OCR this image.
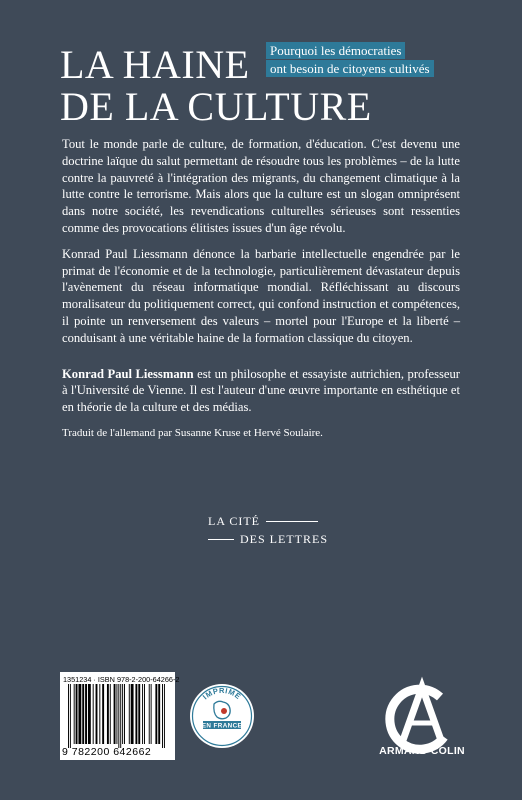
LA HAINE
DE LA CULTURE
Pourquoi les démocraties
ont besoin de citoyens cultivés

Tout le monde parle de culture, de formation, d'éducation. C'est devenu une doctrine laïque du salut permettant de résoudre tous les problèmes – de la lutte contre la pauvreté à l'intégration des migrants, du changement climatique à la lutte contre le terrorisme. Mais alors que la culture est un slogan omniprésent dans notre société, les revendications culturelles sérieuses sont ressenties comme des provocations élitistes issues d'un âge révolu.

Konrad Paul Liessmann dénonce la barbarie intellectuelle engendrée par le primat de l'économie et de la technologie, particulièrement dévastateur depuis l'avènement du réseau informatique mondial. Réfléchissant au discours moralisateur du politiquement correct, qui confond instruction et compétences, il pointe un renversement des valeurs – mortel pour l'Europe et la liberté – conduisant à une véritable haine de la formation classique du citoyen.

Konrad Paul Liessmann est un philosophe et essayiste autrichien, professeur à l'Université de Vienne. Il est l'auteur d'une œuvre importante en esthétique et en théorie de la culture et des médias.

Traduit de l'allemand par Susanne Kruse et Hervé Soulaire.

LA CITÉ
DES LETTRES
1351234 · ISBN 978-2-200-64266-2
9 782200 642662
IMPRIMÉ
EN FRANCE
ARMAND COLIN
